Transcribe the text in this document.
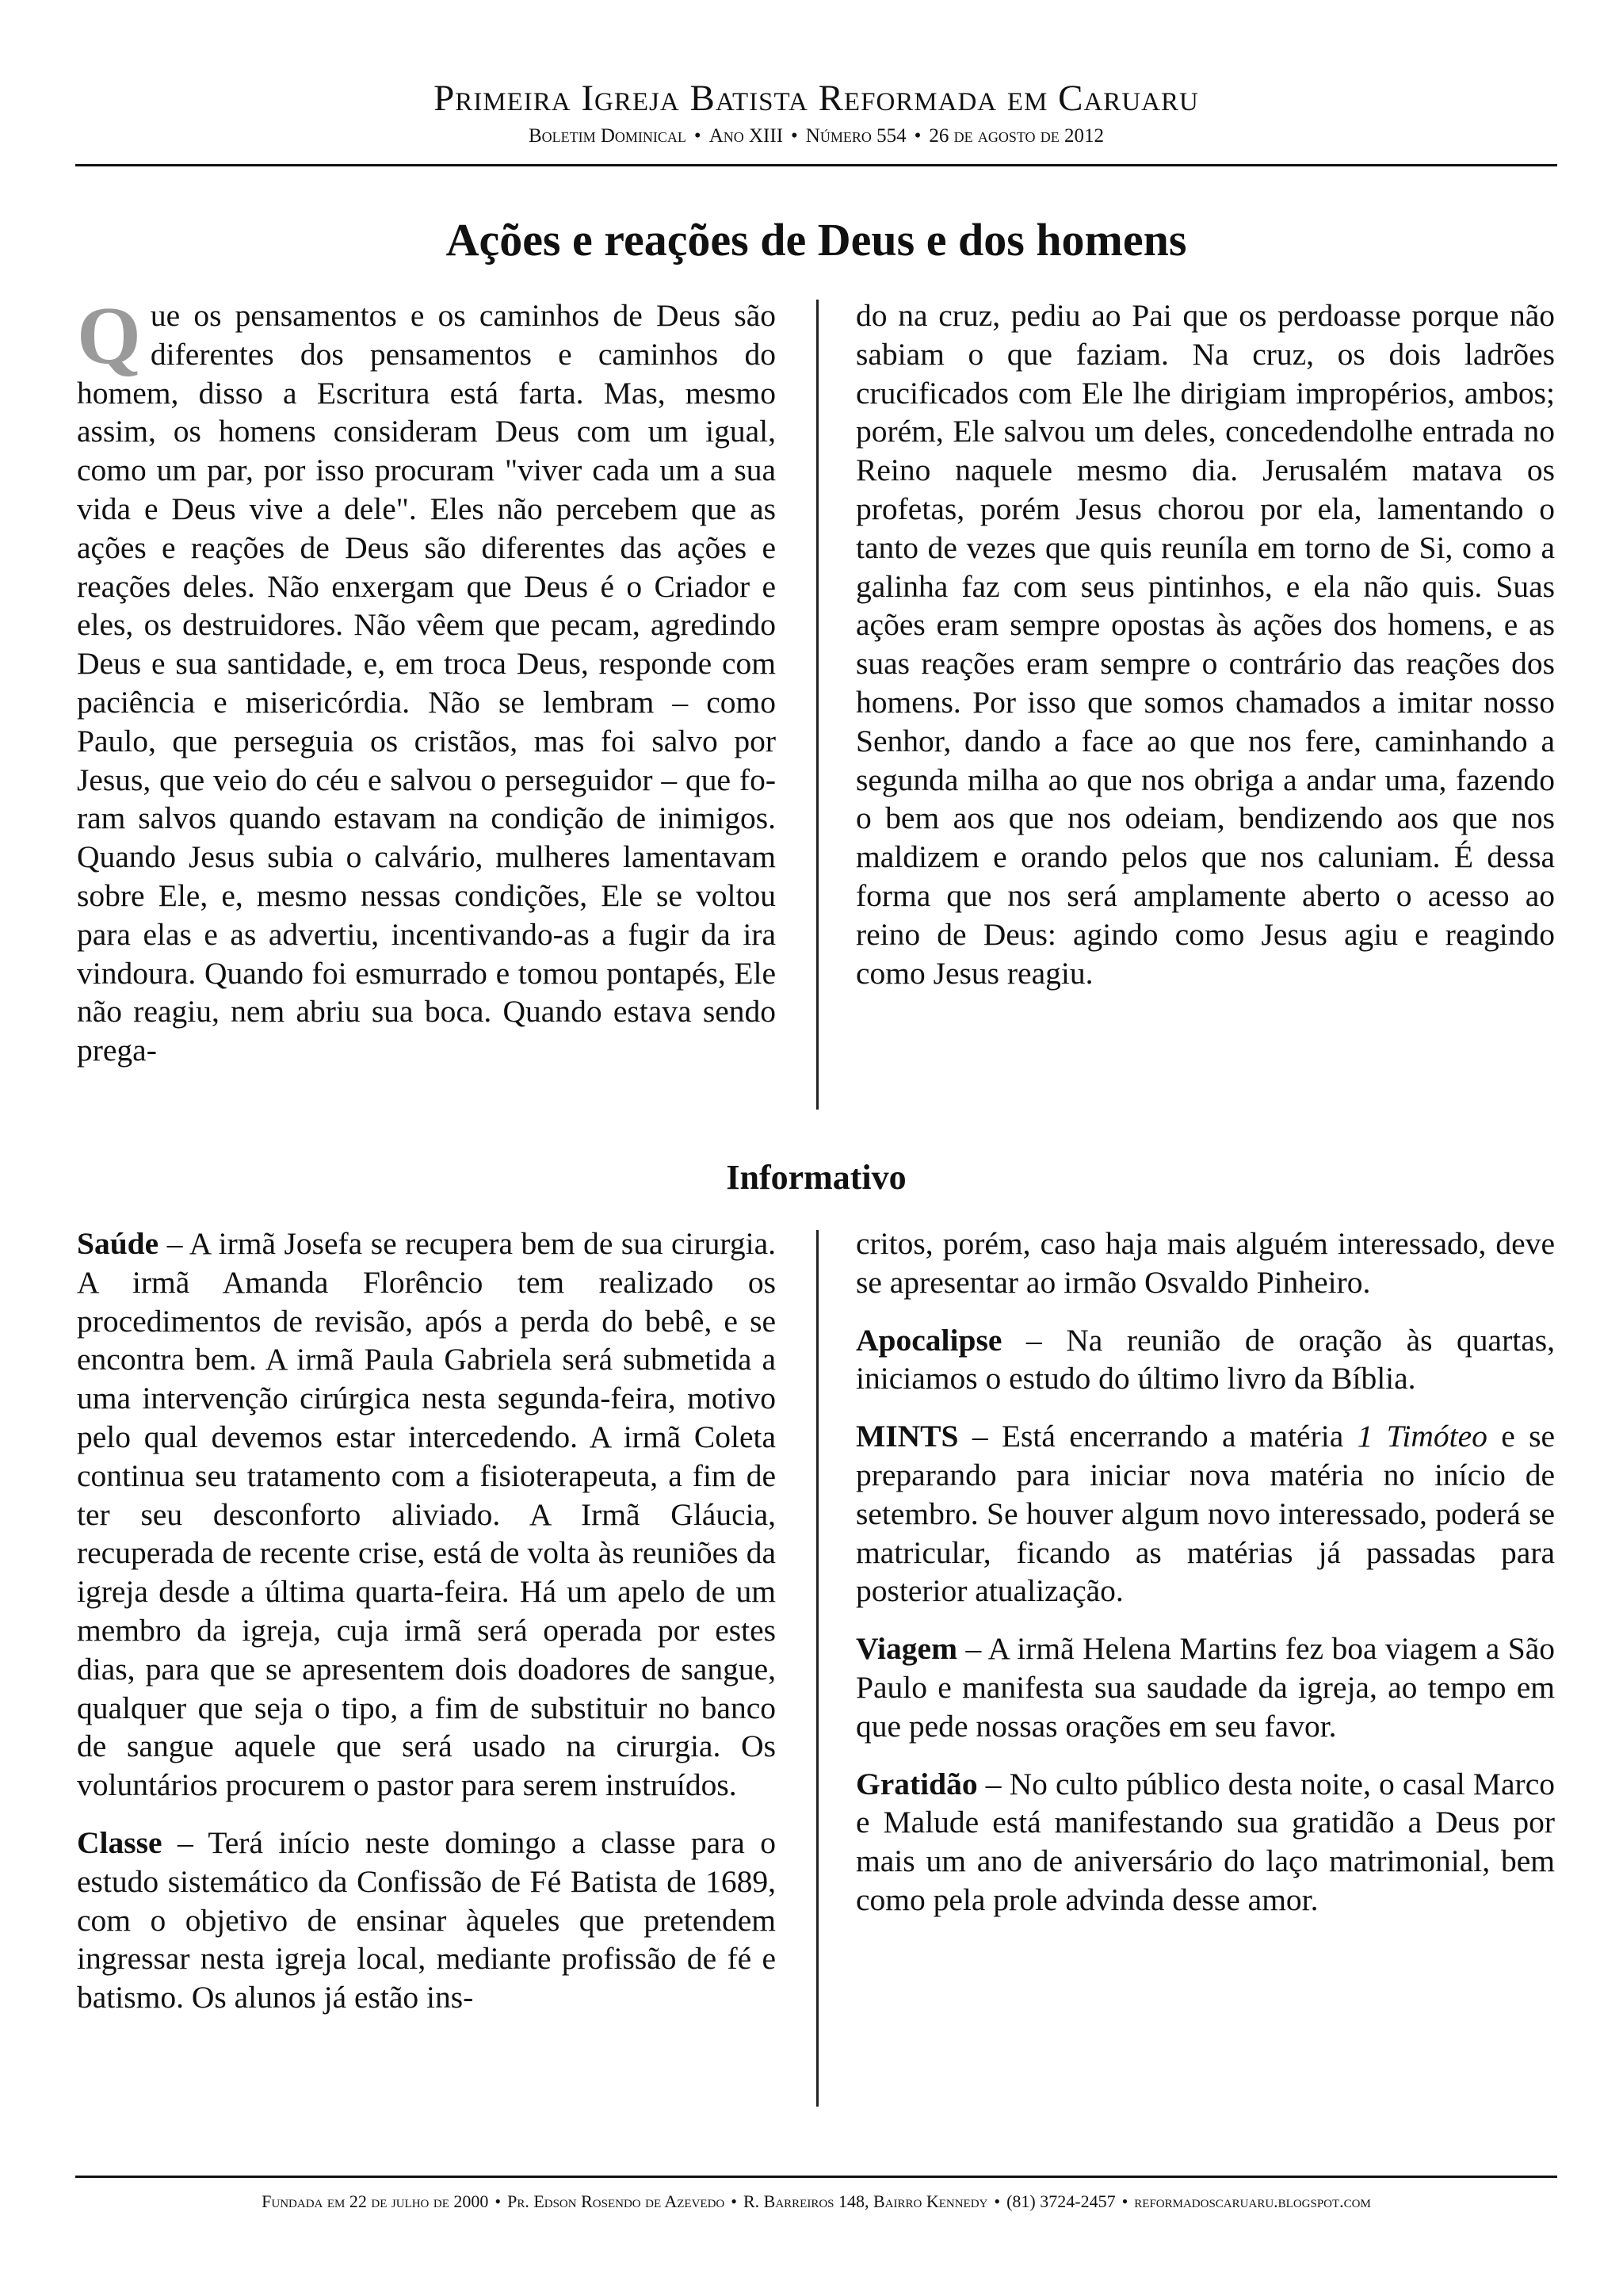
Primeira Igreja Batista Reformada em Caruaru
Boletim Dominical • Ano XIII • Número 554 • 26 de agosto de 2012
Ações e reações de Deus e dos homens
Que os pensamentos e os caminhos de Deus são diferentes dos pensamentos e caminhos do homem, disso a Escritura está farta. Mas, mesmo assim, os homens consideram Deus com um igual, como um par, por isso procuram "viver cada um a sua vida e Deus vive a dele". Eles não percebem que as ações e reações de Deus são diferentes das ações e reações deles. Não enxergam que Deus é o Criador e eles, os destruidores. Não vêem que pecam, agredindo Deus e sua santidade, e, em troca Deus, responde com paciência e misericórdia. Não se lembram – como Paulo, que perseguia os cristãos, mas foi salvo por Jesus, que veio do céu e salvou o perseguidor – que foram salvos quando estavam na condição de inimigos. Quando Jesus subia o calvário, mulheres lamentavam sobre Ele, e, mesmo nessas condições, Ele se voltou para elas e as advertiu, incentivando-as a fugir da ira vindoura. Quando foi esmurrado e tomou pontapés, Ele não reagiu, nem abriu sua boca. Quando estava sendo prega-
do na cruz, pediu ao Pai que os perdoasse porque não sabiam o que faziam. Na cruz, os dois ladrões crucificados com Ele lhe dirigiam impropérios, ambos; porém, Ele salvou um deles, concedendolhe entrada no Reino naquele mesmo dia. Jerusalém matava os profetas, porém Jesus chorou por ela, lamentando o tanto de vezes que quis reuníla em torno de Si, como a galinha faz com seus pintinhos, e ela não quis. Suas ações eram sempre opostas às ações dos homens, e as suas reações eram sempre o contrário das reações dos homens. Por isso que somos chamados a imitar nosso Senhor, dando a face ao que nos fere, caminhando a segunda milha ao que nos obriga a andar uma, fazendo o bem aos que nos odeiam, bendizendo aos que nos maldizem e orando pelos que nos caluniam. É dessa forma que nos será amplamente aberto o acesso ao reino de Deus: agindo como Jesus agiu e reagindo como Jesus reagiu.
Informativo

Saúde – A irmã Josefa se recupera bem de sua cirurgia. A irmã Amanda Florêncio tem realizado os procedimentos de revisão, após a perda do bebê, e se encontra bem. A irmã Paula Gabriela será submetida a uma intervenção cirúrgica nesta segunda-feira, motivo pelo qual devemos estar intercedendo. A irmã Coleta continua seu tratamento com a fisioterapeuta, a fim de ter seu desconforto aliviado. A Irmã Gláucia, recuperada de recente crise, está de volta às reuniões da igreja desde a última quarta-feira. Há um apelo de um membro da igreja, cuja irmã será operada por estes dias, para que se apresentem dois doadores de sangue, qualquer que seja o tipo, a fim de substituir no banco de sangue aquele que será usado na cirurgia. Os voluntários procurem o pastor para serem instruídos.

Classe – Terá início neste domingo a classe para o estudo sistemático da Confissão de Fé Batista de 1689, com o objetivo de ensinar àqueles que pretendem ingressar nesta igreja local, mediante profissão de fé e batismo. Os alunos já estão ins-

critos, porém, caso haja mais alguém interessado, deve se apresentar ao irmão Osvaldo Pinheiro.

Apocalipse – Na reunião de oração às quartas, iniciamos o estudo do último livro da Bíblia.

MINTS – Está encerrando a matéria 1 Timóteo e se preparando para iniciar nova matéria no início de setembro. Se houver algum novo interessado, poderá se matricular, ficando as matérias já passadas para posterior atualização.

Viagem – A irmã Helena Martins fez boa viagem a São Paulo e manifesta sua saudade da igreja, ao tempo em que pede nossas orações em seu favor.

Gratidão – No culto público desta noite, o casal Marco e Malude está manifestando sua gratidão a Deus por mais um ano de aniversário do laço matrimonial, bem como pela prole advinda desse amor.

Fundada em 22 de julho de 2000 • Pr. Edson Rosendo de Azevedo • R. Barreiros 148, Bairro Kennedy • (81) 3724-2457 • reformadoscaruaru.blogspot.com
